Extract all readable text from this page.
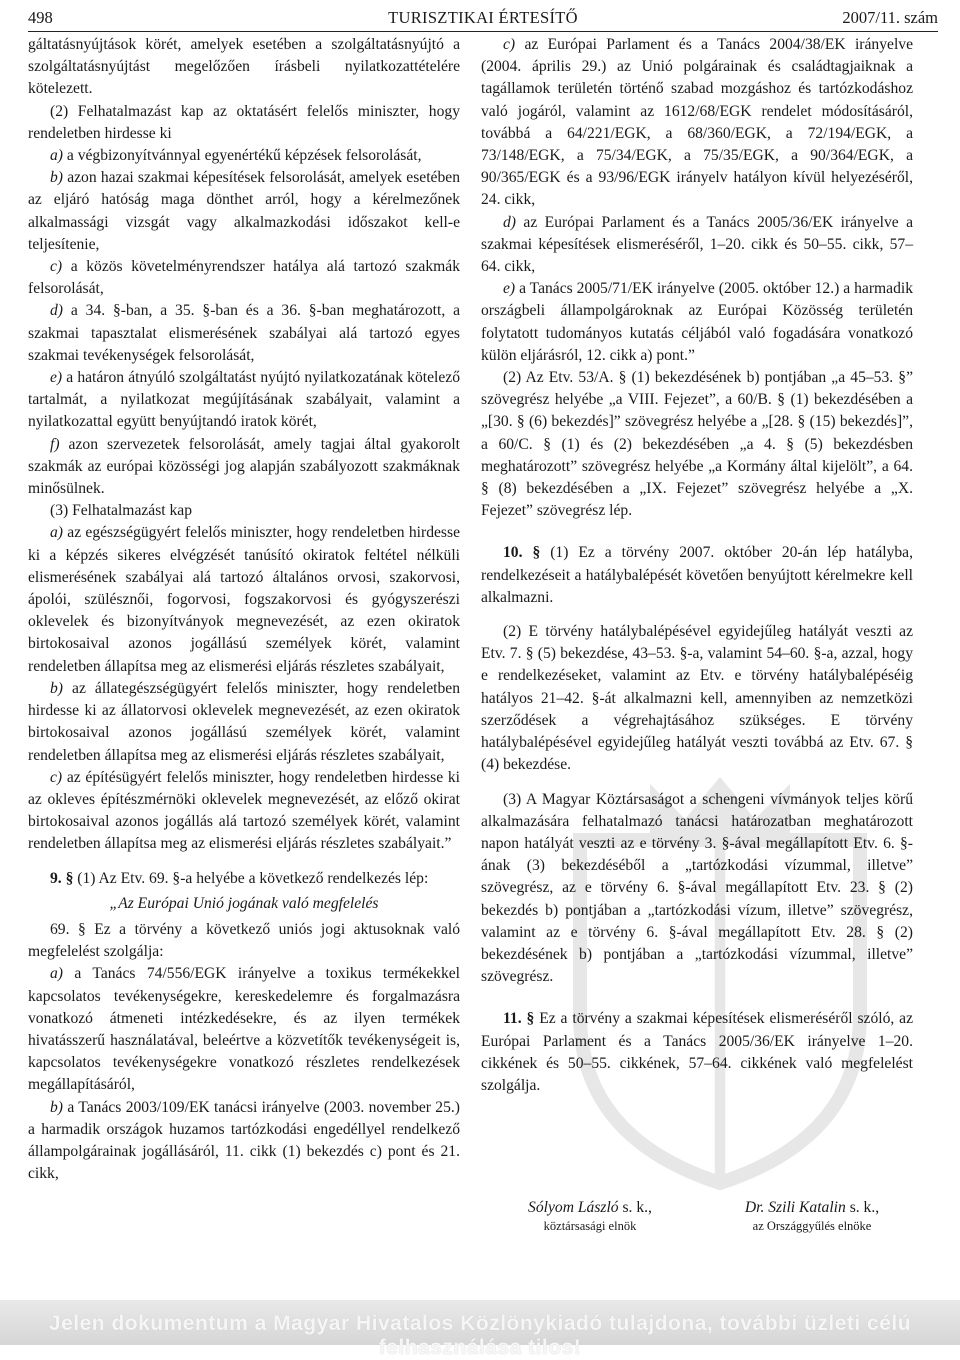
498	TURISZTIKAI ÉRTESÍTŐ	2007/11. szám

gáltatásnyújtások körét, amelyek esetében a szolgáltatásnyújtó a szolgáltatásnyújtást megelőzően írásbeli nyilatkozattételére kötelezett.

(2) Felhatalmazást kap az oktatásért felelős miniszter, hogy rendeletben hirdesse ki

a) a végbizonyítvánnyal egyenértékű képzések felsorolását,

b) azon hazai szakmai képesítések felsorolását, amelyek esetében az eljáró hatóság maga dönthet arról, hogy a kérelmezőnek alkalmassági vizsgát vagy alkalmazkodási időszakot kell-e teljesítenie,

c) a közös követelményrendszer hatálya alá tartozó szakmák felsorolását,

d) a 34. §-ban, a 35. §-ban és a 36. §-ban meghatározott, a szakmai tapasztalat elismerésének szabályai alá tartozó egyes szakmai tevékenységek felsorolását,

e) a határon átnyúló szolgáltatást nyújtó nyilatkozatának kötelező tartalmát, a nyilatkozat megújításának szabályait, valamint a nyilatkozattal együtt benyújtandó iratok körét,

f) azon szervezetek felsorolását, amely tagjai által gyakorolt szakmák az európai közösségi jog alapján szabályozott szakmáknak minősülnek.

(3) Felhatalmazást kap

a) az egészségügyért felelős miniszter, hogy rendeletben hirdesse ki a képzés sikeres elvégzését tanúsító okiratok feltétel nélküli elismerésének szabályai alá tartozó általános orvosi, szakorvosi, ápolói, szülésznői, fogorvosi, fogszakorvosi és gyógyszerészi oklevelek és bizonyítványok megnevezését, az ezen okiratok birtokosaival azonos jogállású személyek körét, valamint rendeletben állapítsa meg az elismerési eljárás részletes szabályait,

b) az állategészségügyért felelős miniszter, hogy rendeletben hirdesse ki az állatorvosi oklevelek megnevezését, az ezen okiratok birtokosaival azonos jogállású személyek körét, valamint rendeletben állapítsa meg az elismerési eljárás részletes szabályait,

c) az építésügyért felelős miniszter, hogy rendeletben hirdesse ki az okleves építészmérnöki oklevelek megnevezését, az előző okirat birtokosaival azonos jogállás alá tartozó személyek körét, valamint rendeletben állapítsa meg az elismerési eljárás részletes szabályait.”

9. § (1) Az Etv. 69. §-a helyébe a következő rendelkezés lép:

„Az Európai Unió jogának való megfelelés

69. § Ez a törvény a következő uniós jogi aktusoknak való megfelelést szolgálja:

a) a Tanács 74/556/EGK irányelve a toxikus termékekkel kapcsolatos tevékenységekre, kereskedelemre és forgalmazásra vonatkozó átmeneti intézkedésekre, és az ilyen termékek hivatásszerű használatával, beleértve a közvetítők tevékenységeit is, kapcsolatos tevékenységekre vonatkozó részletes rendelkezések megállapításáról,

b) a Tanács 2003/109/EK tanácsi irányelve (2003. november 25.) a harmadik országok huzamos tartózkodási engedéllyel rendelkező állampolgárainak jogállásáról, 11. cikk (1) bekezdés c) pont és 21. cikk,

c) az Európai Parlament és a Tanács 2004/38/EK irányelve (2004. április 29.) az Unió polgárainak és családtagjaiknak a tagállamok területén történő szabad mozgáshoz és tartózkodáshoz való jogáról, valamint az 1612/68/EGK rendelet módosításáról, továbbá a 64/221/EGK, a 68/360/EGK, a 72/194/EGK, a 73/148/EGK, a 75/34/EGK, a 75/35/EGK, a 90/364/EGK, a 90/365/EGK és a 93/96/EGK irányelv hatályon kívül helyezéséről, 24. cikk,

d) az Európai Parlament és a Tanács 2005/36/EK irányelve a szakmai képesítések elismeréséről, 1–20. cikk és 50–55. cikk, 57–64. cikk,

e) a Tanács 2005/71/EK irányelve (2005. október 12.) a harmadik országbeli állampolgároknak az Európai Közösség területén folytatott tudományos kutatás céljából való fogadására vonatkozó külön eljárásról, 12. cikk a) pont.”

(2) Az Etv. 53/A. § (1) bekezdésének b) pontjában „a 45–53. §” szövegrész helyébe „a VIII. Fejezet”, a 60/B. § (1) bekezdésében a „[30. § (6) bekezdés]” szövegrész helyébe a „[28. § (15) bekezdés]”, a 60/C. § (1) és (2) bekezdésében „a 4. § (5) bekezdésben meghatározott” szövegrész helyébe „a Kormány által kijelölt”, a 64. § (8) bekezdésében a „IX. Fejezet” szövegrész helyébe a „X. Fejezet” szövegrész lép.

10. § (1) Ez a törvény 2007. október 20-án lép hatályba, rendelkezéseit a hatálybalépését követően benyújtott kérelmekre kell alkalmazni.

(2) E törvény hatálybalépésével egyidejűleg hatályát veszti az Etv. 7. § (5) bekezdése, 43–53. §-a, valamint 54–60. §-a, azzal, hogy e rendelkezéseket, valamint az Etv. e törvény hatálybalépéséig hatályos 21–42. §-át alkalmazni kell, amennyiben az nemzetközi szerződések a végrehajtásához szükséges. E törvény hatálybalépésével egyidejűleg hatályát veszti továbbá az Etv. 67. § (4) bekezdése.

(3) A Magyar Köztársaságot a schengeni vívmányok teljes körű alkalmazására felhatalmazó tanácsi határozatban meghatározott napon hatályát veszti az e törvény 3. §-ával megállapított Etv. 6. §-ának (3) bekezdéséből a „tartózkodási vízummal, illetve” szövegrész, az e törvény 6. §-ával megállapított Etv. 23. § (2) bekezdés b) pontjában a „tartózkodási vízum, illetve” szövegrész, valamint az e törvény 6. §-ával megállapított Etv. 28. § (2) bekezdésének b) pontjában a „tartózkodási vízummal, illetve” szövegrész.

11. § Ez a törvény a szakmai képesítések elismeréséről szóló, az Európai Parlament és a Tanács 2005/36/EK irányelve 1–20. cikkének és 50–55. cikkének, 57–64. cikkének való megfelelést szolgálja.

Sólyom László s. k.,
köztársasági elnök
Dr. Szili Katalin s. k.,
az Országgyűlés elnöke
Jelen dokumentum a Magyar Hivatalos Közlönykiadó tulajdona, további üzleti célú felhasználása tilos!
